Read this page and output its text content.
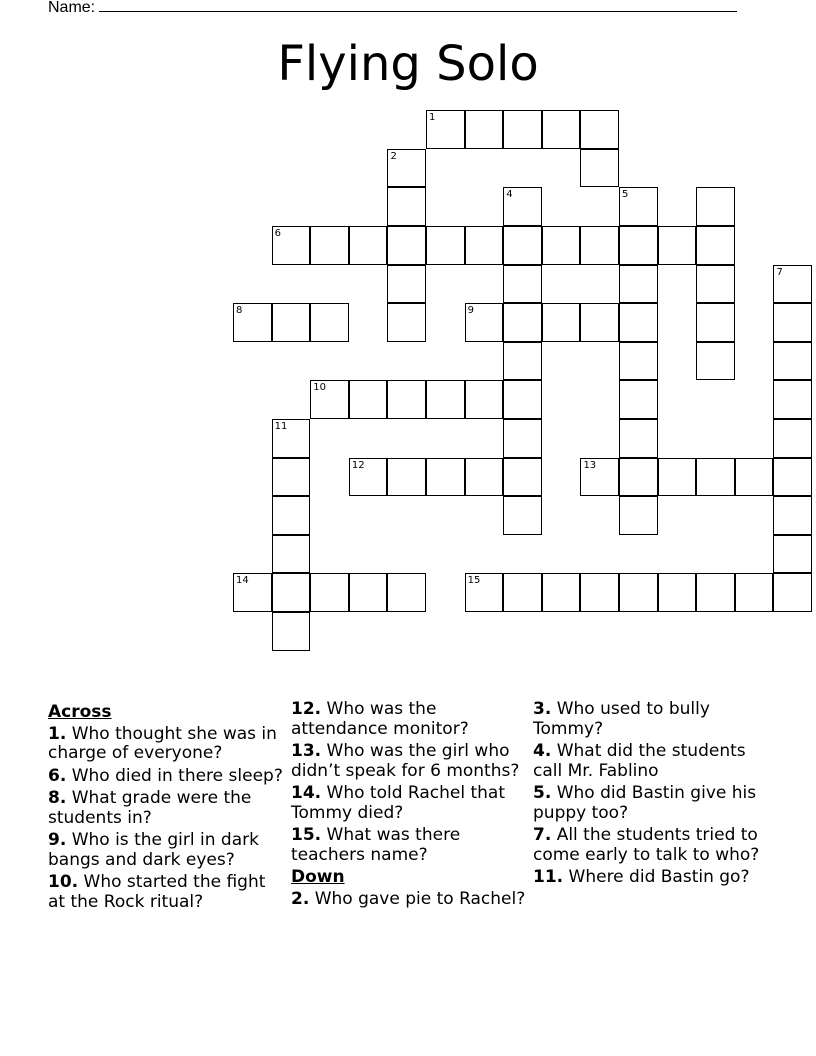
Name:
Flying Solo
1
2
4	5
6
7
8	9
10
11
12	13
14	15
Across
1. Who thought she was in charge of everyone?
6. Who died in there sleep?
8. What grade were the students in?
9. Who is the girl in dark bangs and dark eyes?
10. Who started the fight at the Rock ritual?
12. Who was the attendance monitor?
13. Who was the girl who didn’t speak for 6 months?
14. Who told Rachel that Tommy died?
15. What was there teachers name?
Down
2. Who gave pie to Rachel?
3. Who used to bully Tommy?
4. What did the students call Mr. Fablino
5. Who did Bastin give his puppy too?
7. All the students tried to come early to talk to who?
11. Where did Bastin go?
